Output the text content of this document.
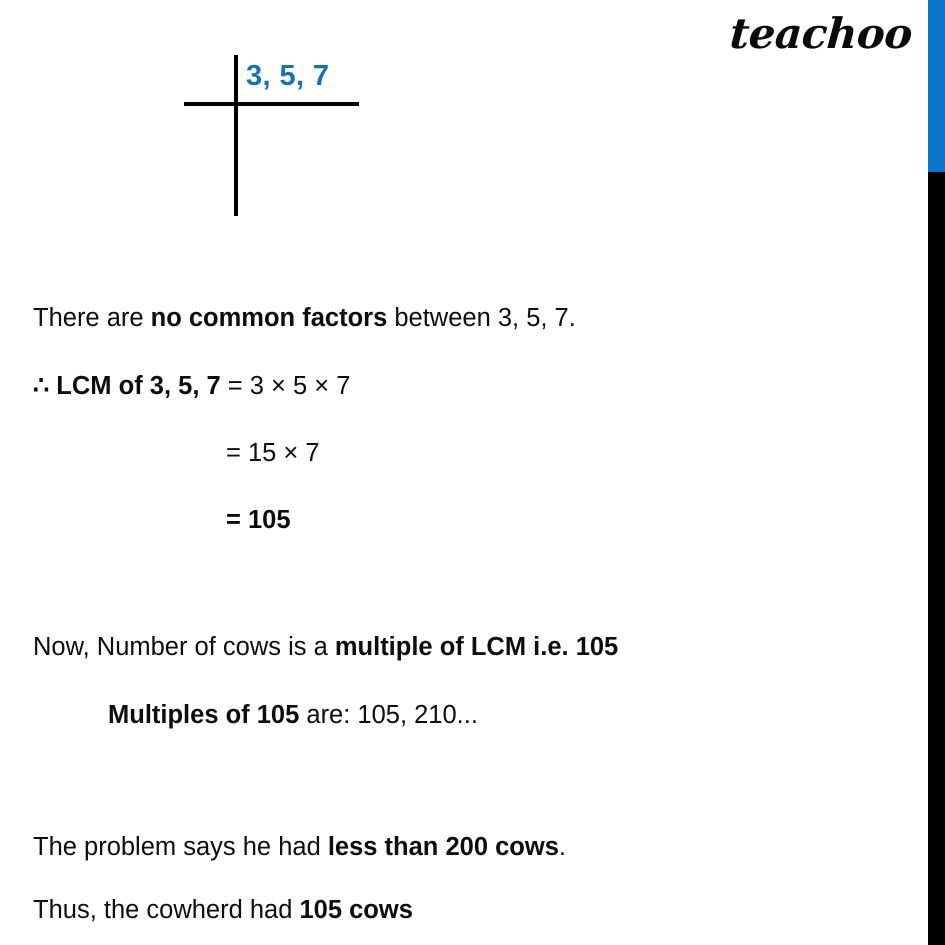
teachoo
3, 5, 7
There are no common factors between 3, 5, 7.
∴ LCM of 3, 5, 7 = 3 × 5 × 7
= 15 × 7
= 105
Now, Number of cows is a multiple of LCM i.e. 105
Multiples of 105 are: 105, 210...
The problem says he had less than 200 cows.
Thus, the cowherd had 105 cows
